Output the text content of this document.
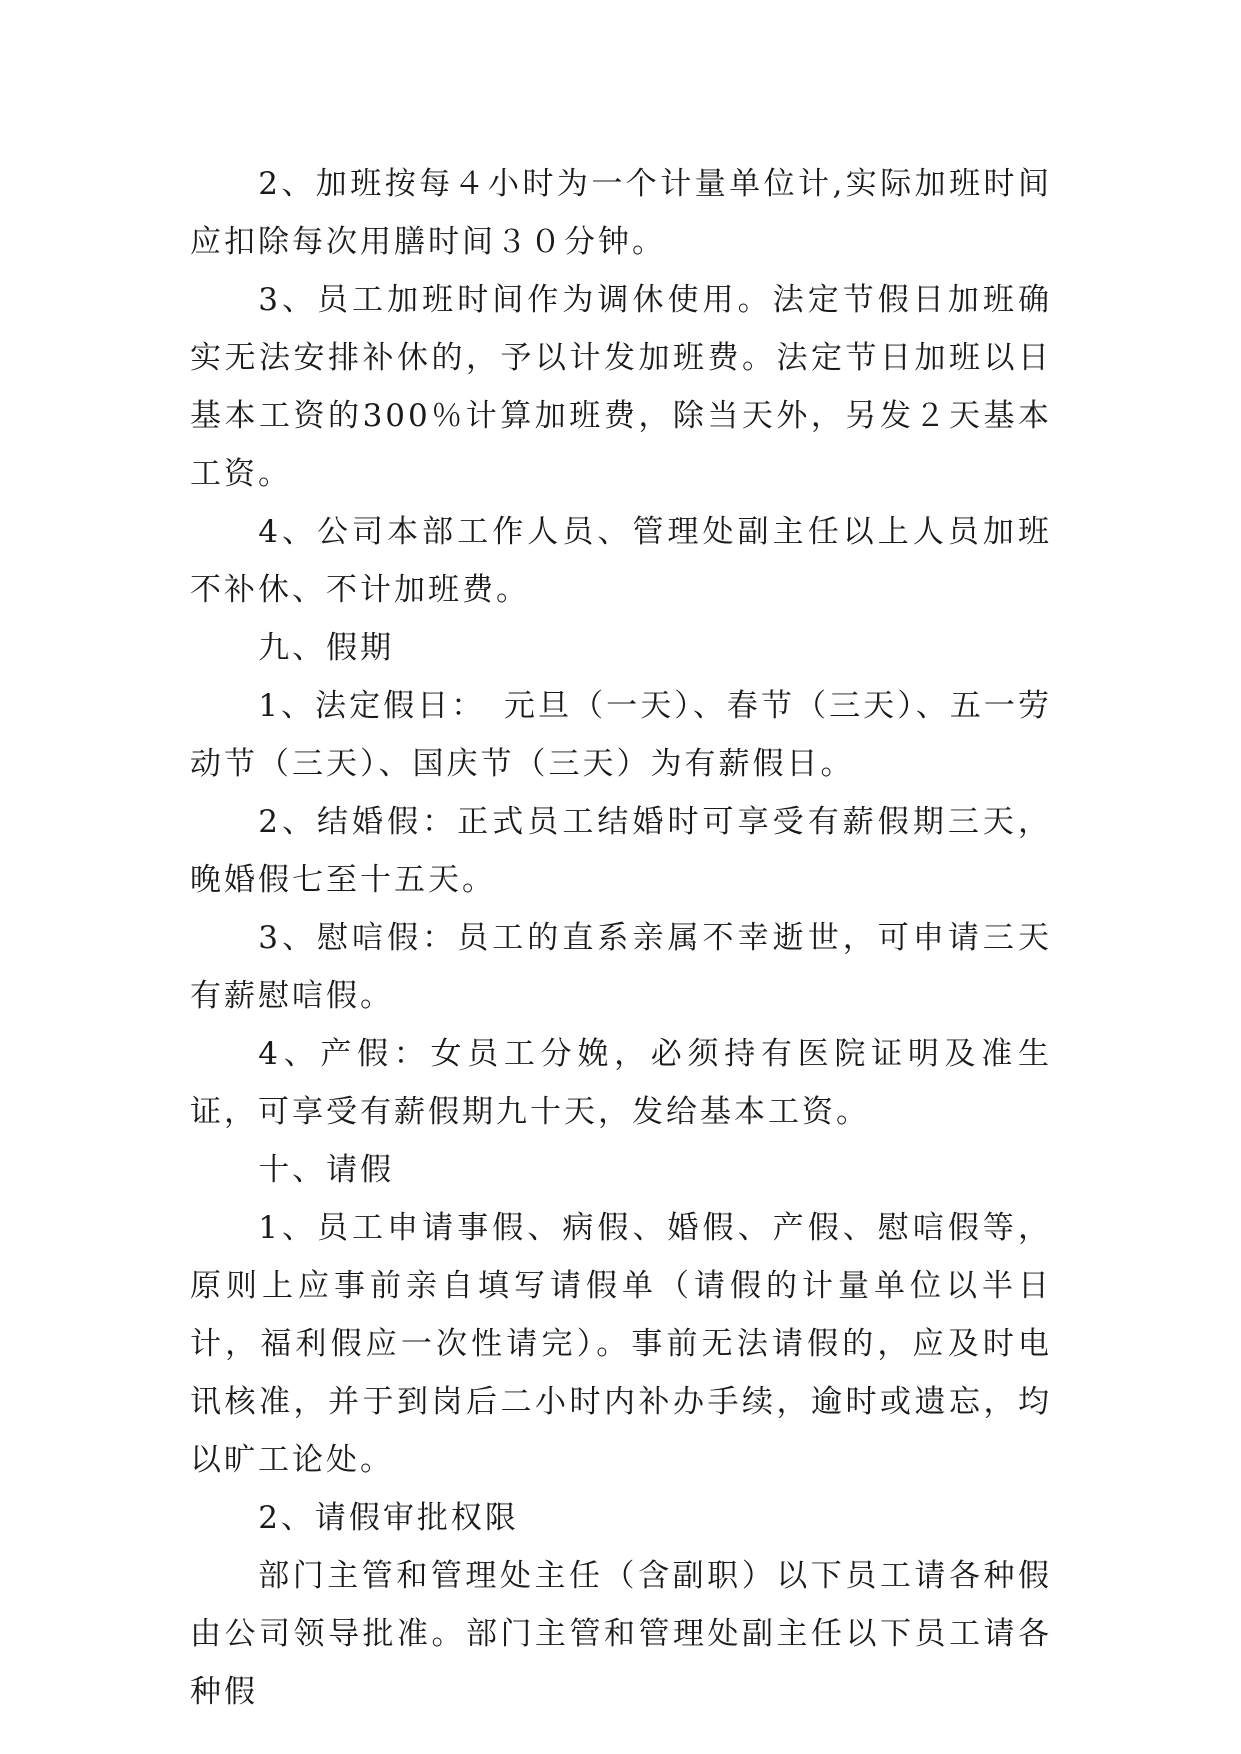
2、加班按每４小时为一个计量单位计,实际加班时间应扣除每次用膳时间３０分钟。

3、员工加班时间作为调休使用。法定节假日加班确实无法安排补休的，予以计发加班费。法定节日加班以日基本工资的300％计算加班费，除当天外，另发２天基本工资。

4、公司本部工作人员、管理处副主任以上人员加班不补休、不计加班费。

九、假期

1、法定假日：　元旦（一天）、春节（三天）、五一劳动节（三天）、国庆节（三天）为有薪假日。

2、结婚假：正式员工结婚时可享受有薪假期三天，晚婚假七至十五天。

3、慰唁假：员工的直系亲属不幸逝世，可申请三天有薪慰唁假。

4、产假：女员工分娩，必须持有医院证明及准生证，可享受有薪假期九十天，发给基本工资。

十、请假

1、员工申请事假、病假、婚假、产假、慰唁假等，原则上应事前亲自填写请假单（请假的计量单位以半日计，福利假应一次性请完）。事前无法请假的，应及时电讯核准，并于到岗后二小时内补办手续，逾时或遗忘，均以旷工论处。

2、请假审批权限

部门主管和管理处主任（含副职）以下员工请各种假由公司领导批准。部门主管和管理处副主任以下员工请各种假
